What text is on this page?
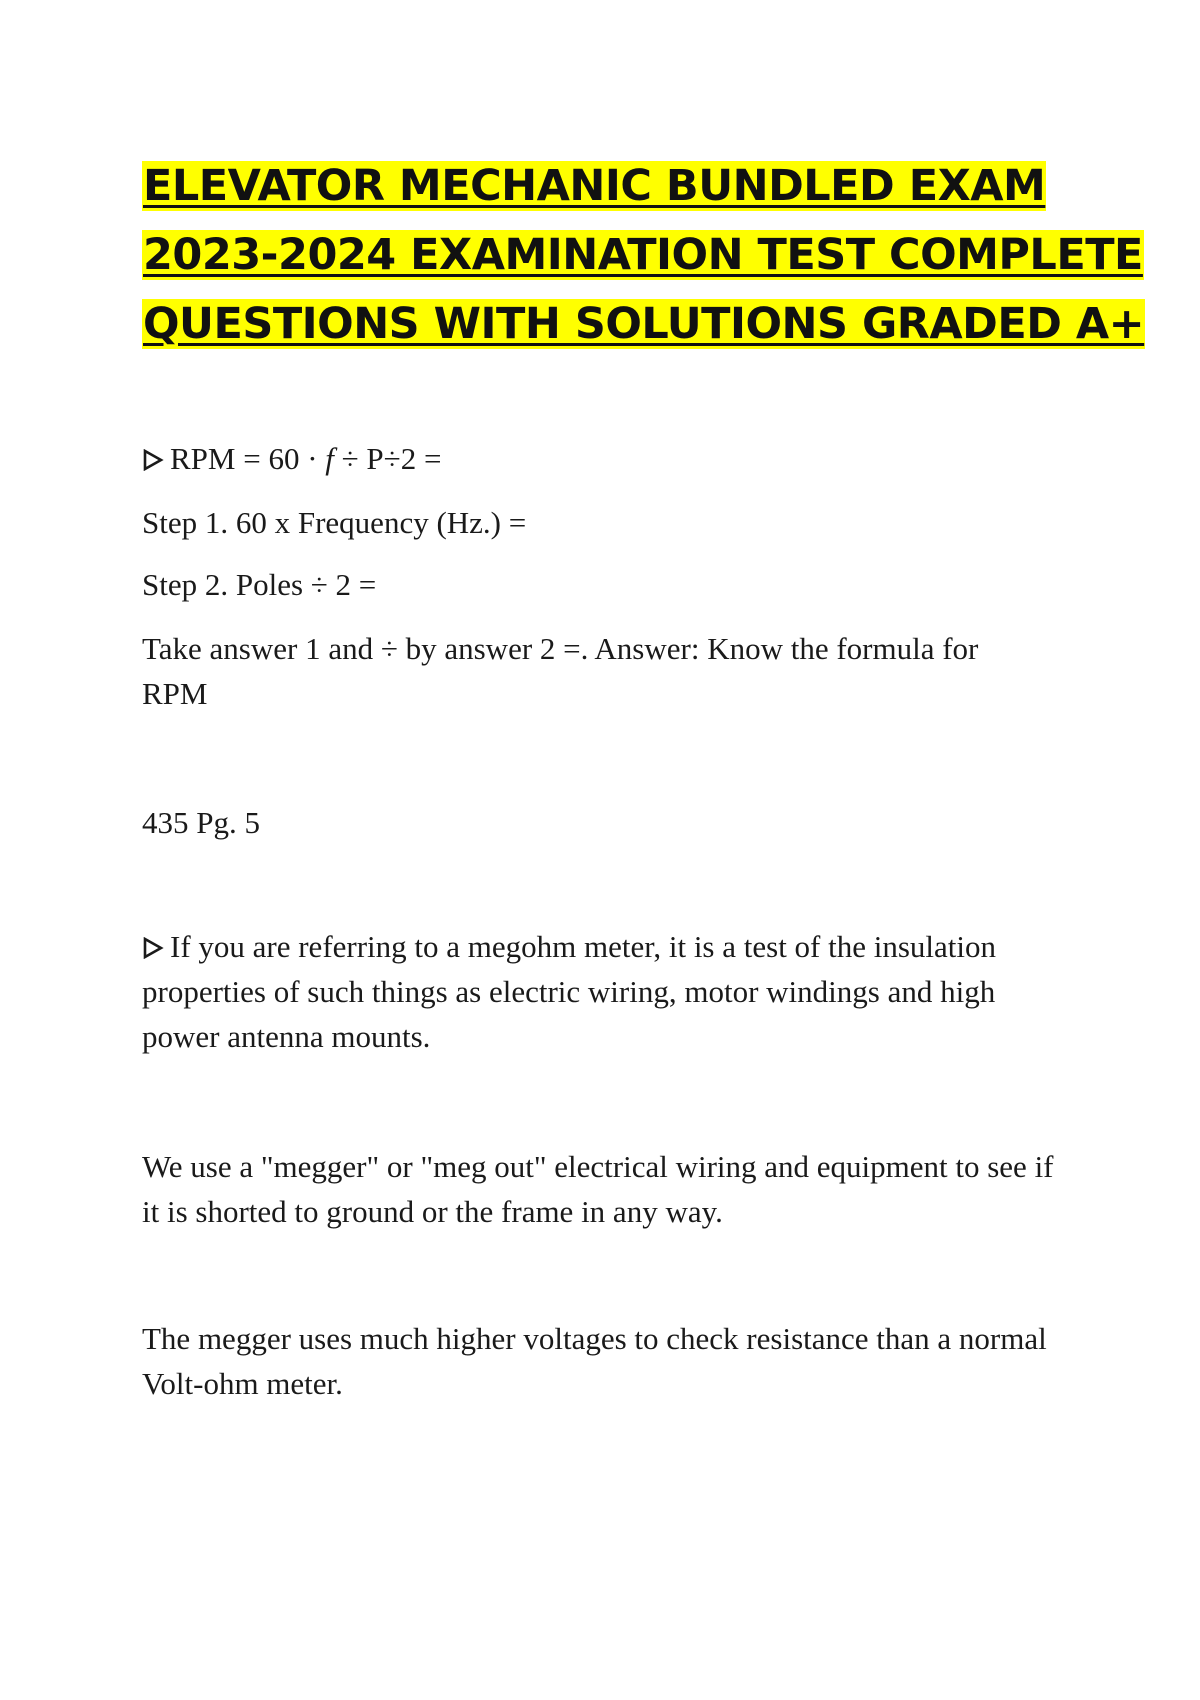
ELEVATOR MECHANIC BUNDLED EXAM
2023-2024 EXAMINATION TEST COMPLETE
QUESTIONS WITH SOLUTIONS GRADED A+

RPM = 60 · f ÷ P÷2 =

Step 1. 60 x Frequency (Hz.) =

Step 2. Poles ÷ 2 =

Take answer 1 and ÷ by answer 2 =. Answer: Know the formula for RPM

435 Pg. 5

If you are referring to a megohm meter, it is a test of the insulation properties of such things as electric wiring, motor windings and high power antenna mounts.

We use a "megger" or "meg out" electrical wiring and equipment to see if it is shorted to ground or the frame in any way.

The megger uses much higher voltages to check resistance than a normal Volt-ohm meter.
